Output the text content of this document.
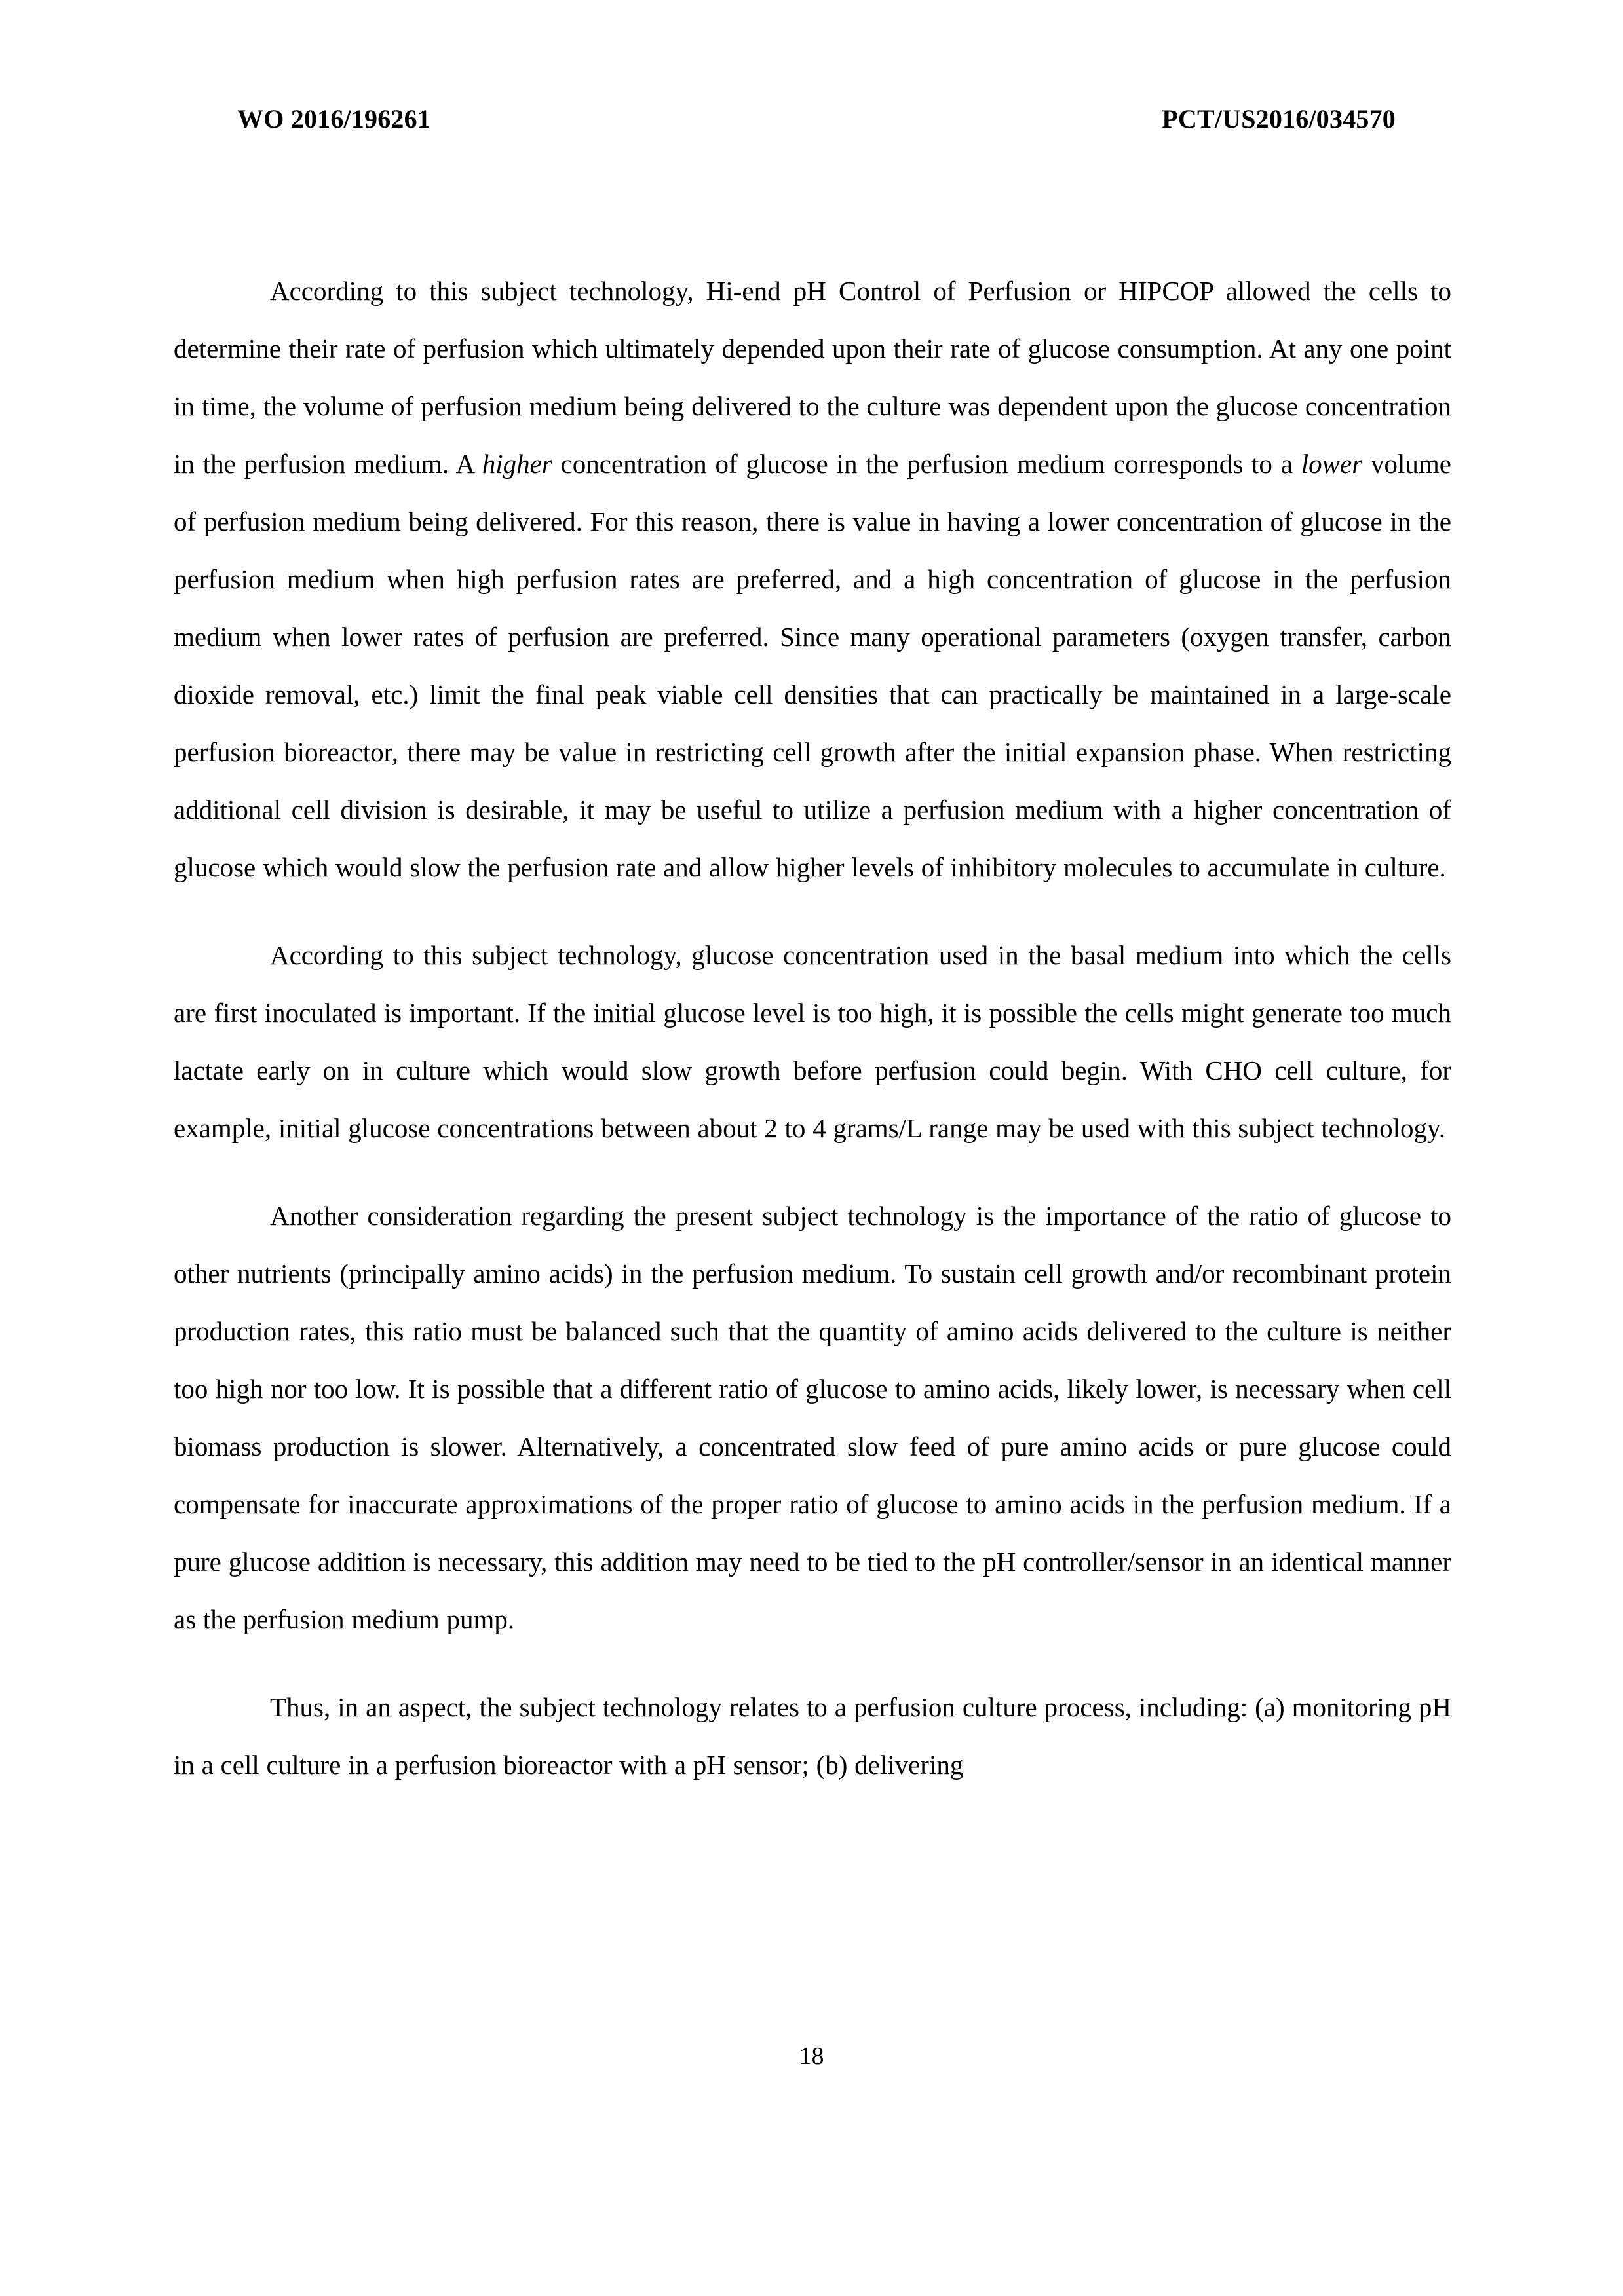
WO 2016/196261	PCT/US2016/034570

According to this subject technology, Hi-end pH Control of Perfusion or HIPCOP allowed the cells to determine their rate of perfusion which ultimately depended upon their rate of glucose consumption. At any one point in time, the volume of perfusion medium being delivered to the culture was dependent upon the glucose concentration in the perfusion medium. A higher concentration of glucose in the perfusion medium corresponds to a lower volume of perfusion medium being delivered. For this reason, there is value in having a lower concentration of glucose in the perfusion medium when high perfusion rates are preferred, and a high concentration of glucose in the perfusion medium when lower rates of perfusion are preferred. Since many operational parameters (oxygen transfer, carbon dioxide removal, etc.) limit the final peak viable cell densities that can practically be maintained in a large-scale perfusion bioreactor, there may be value in restricting cell growth after the initial expansion phase. When restricting additional cell division is desirable, it may be useful to utilize a perfusion medium with a higher concentration of glucose which would slow the perfusion rate and allow higher levels of inhibitory molecules to accumulate in culture.

According to this subject technology, glucose concentration used in the basal medium into which the cells are first inoculated is important. If the initial glucose level is too high, it is possible the cells might generate too much lactate early on in culture which would slow growth before perfusion could begin. With CHO cell culture, for example, initial glucose concentrations between about 2 to 4 grams/L range may be used with this subject technology.

Another consideration regarding the present subject technology is the importance of the ratio of glucose to other nutrients (principally amino acids) in the perfusion medium. To sustain cell growth and/or recombinant protein production rates, this ratio must be balanced such that the quantity of amino acids delivered to the culture is neither too high nor too low. It is possible that a different ratio of glucose to amino acids, likely lower, is necessary when cell biomass production is slower. Alternatively, a concentrated slow feed of pure amino acids or pure glucose could compensate for inaccurate approximations of the proper ratio of glucose to amino acids in the perfusion medium. If a pure glucose addition is necessary, this addition may need to be tied to the pH controller/sensor in an identical manner as the perfusion medium pump.

Thus, in an aspect, the subject technology relates to a perfusion culture process, including: (a) monitoring pH in a cell culture in a perfusion bioreactor with a pH sensor; (b) delivering

18
